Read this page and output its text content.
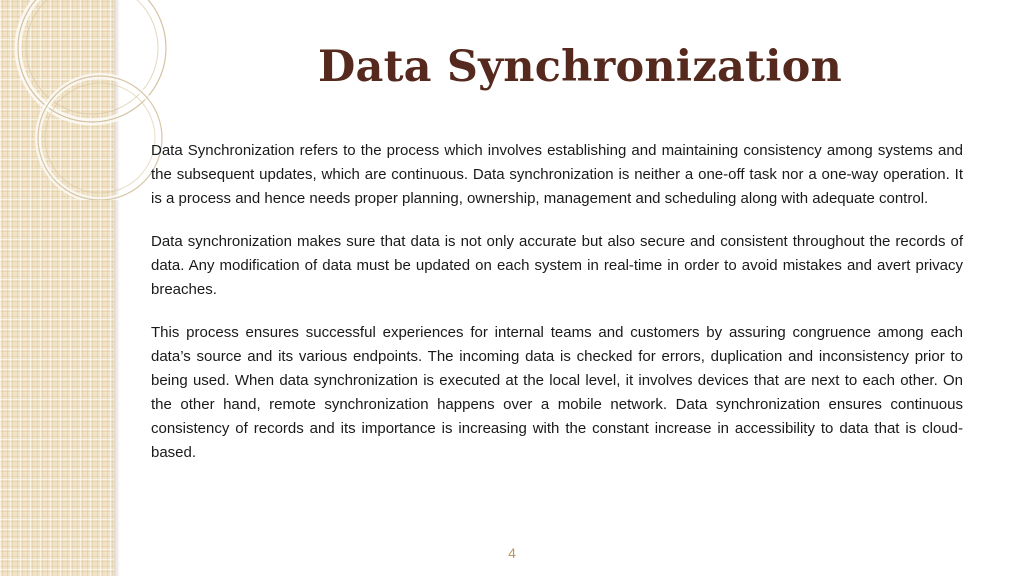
Data Synchronization

Data Synchronization refers to the process which involves establishing and maintaining consistency among systems and the subsequent updates, which are continuous. Data synchronization is neither a one-off task nor a one-way operation. It is a process and hence needs proper planning, ownership, management and scheduling along with adequate control.

Data synchronization makes sure that data is not only accurate but also secure and consistent throughout the records of data. Any modification of data must be updated on each system in real-time in order to avoid mistakes and avert privacy breaches.

This process ensures successful experiences for internal teams and customers by assuring congruence among each data’s source and its various endpoints. The incoming data is checked for errors, duplication and inconsistency prior to being used. When data synchronization is executed at the local level, it involves devices that are next to each other. On the other hand, remote synchronization happens over a mobile network. Data synchronization ensures continuous consistency of records and its importance is increasing with the constant increase in accessibility to data that is cloud-based.

4
